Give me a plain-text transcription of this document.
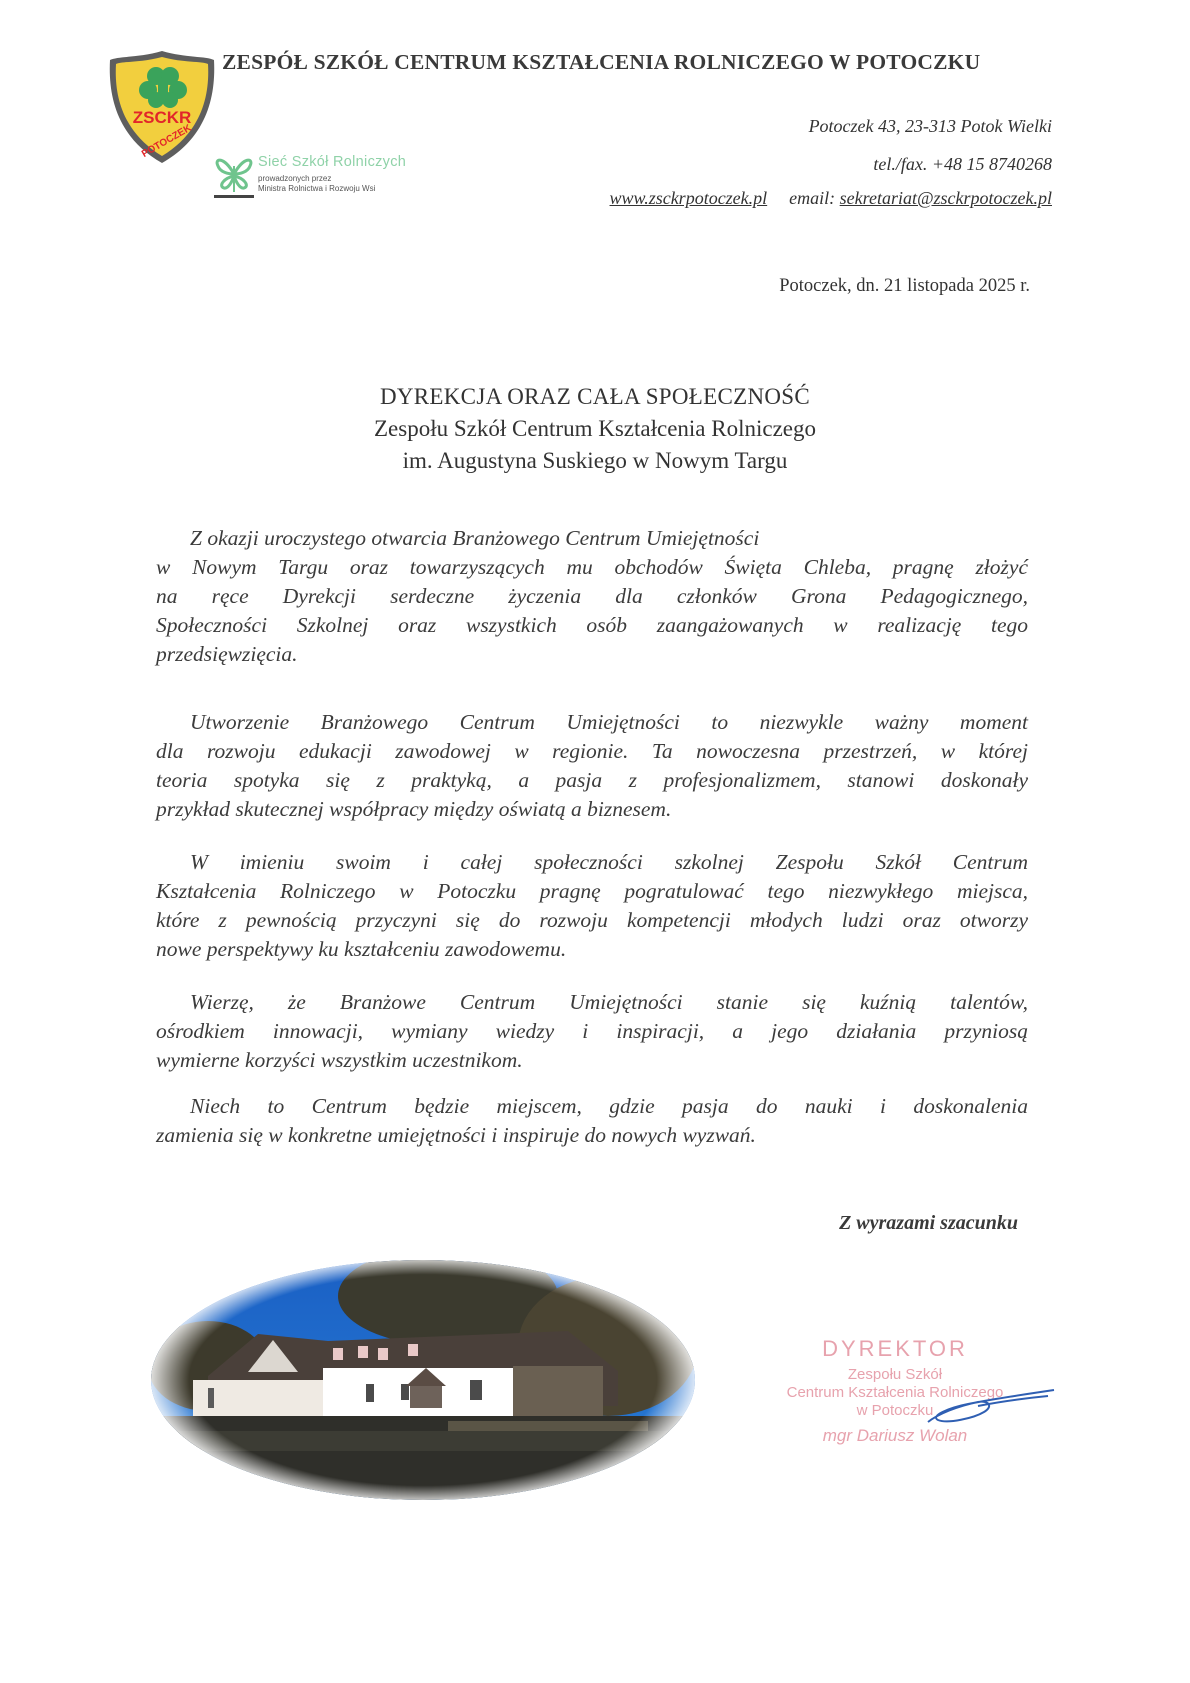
ZSCKR
POTOCZEK
ZESPÓŁ SZKÓŁ CENTRUM KSZTAŁCENIA ROLNICZEGO W POTOCZKU
Sieć Szkół Rolniczych
prowadzonych przez
Ministra Rolnictwa i Rozwoju Wsi
Potoczek 43, 23-313 Potok Wielki
tel./fax. +48 15 8740268
www.zsckrpotoczek.pl email: sekretariat@zsckrpotoczek.pl
Potoczek, dn. 21 listopada 2025 r.
DYREKCJA ORAZ CAŁA SPOŁECZNOŚĆ
Zespołu Szkół Centrum Kształcenia Rolniczego
im. Augustyna Suskiego w Nowym Targu
Z okazji uroczystego otwarcia Branżowego Centrum Umiejętności
w Nowym Targu oraz towarzyszących mu obchodów Święta Chleba, pragnę złożyć
na ręce Dyrekcji serdeczne życzenia dla członków Grona Pedagogicznego,
Społeczności Szkolnej oraz wszystkich osób zaangażowanych w realizację tego
przedsięwzięcia.
Utworzenie Branżowego Centrum Umiejętności to niezwykle ważny moment
dla rozwoju edukacji zawodowej w regionie. Ta nowoczesna przestrzeń, w której
teoria spotyka się z praktyką, a pasja z profesjonalizmem, stanowi doskonały
przykład skutecznej współpracy między oświatą a biznesem.
W imieniu swoim i całej społeczności szkolnej Zespołu Szkół Centrum
Kształcenia Rolniczego w Potoczku pragnę pogratulować tego niezwykłego miejsca,
które z pewnością przyczyni się do rozwoju kompetencji młodych ludzi oraz otworzy
nowe perspektywy ku kształceniu zawodowemu.
Wierzę, że Branżowe Centrum Umiejętności stanie się kuźnią talentów,
ośrodkiem innowacji, wymiany wiedzy i inspiracji, a jego działania przyniosą
wymierne korzyści wszystkim uczestnikom.
Niech to Centrum będzie miejscem, gdzie pasja do nauki i doskonalenia
zamienia się w konkretne umiejętności i inspiruje do nowych wyzwań.
Z wyrazami szacunku
DYREKTOR
Zespołu Szkół
Centrum Kształcenia Rolniczego
w Potoczku
mgr Dariusz Wolan
